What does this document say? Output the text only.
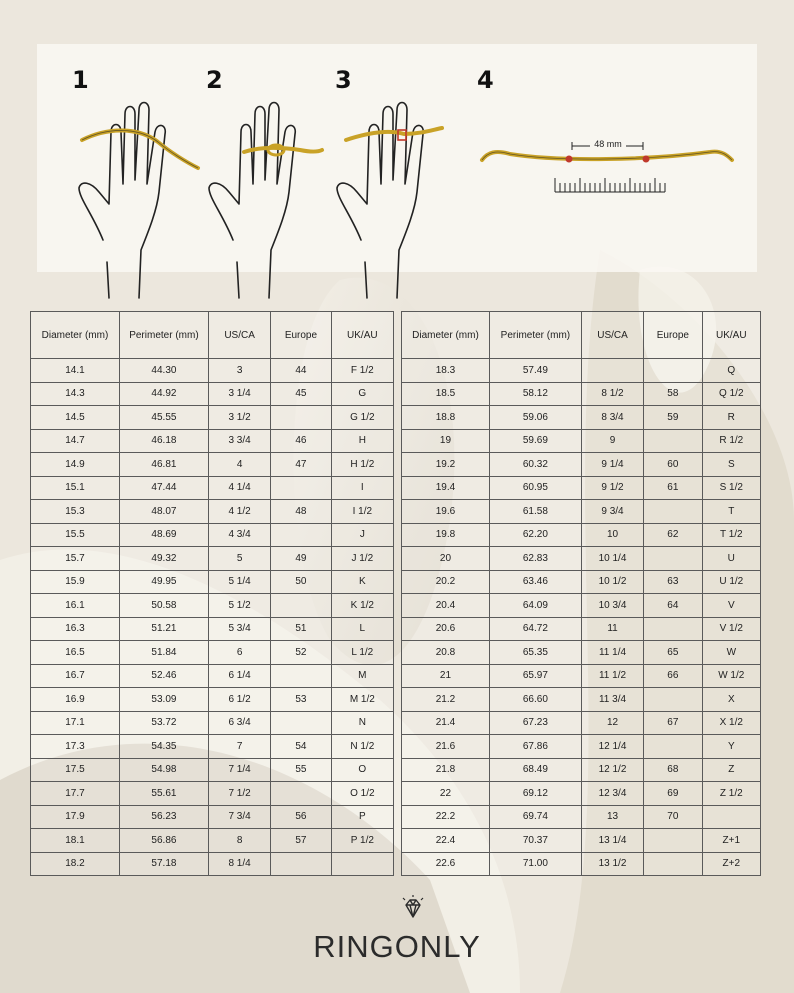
1	2	3	4
48 mm
Diameter (mm)	Perimeter (mm)	US/CA	Europe	UK/AU
14.1	44.30	3	44	F 1/2
14.3	44.92	3 1/4	45	G
14.5	45.55	3 1/2		G 1/2
14.7	46.18	3 3/4	46	H
14.9	46.81	4	47	H 1/2
15.1	47.44	4 1/4		I
15.3	48.07	4 1/2	48	I 1/2
15.5	48.69	4 3/4		J
15.7	49.32	5	49	J 1/2
15.9	49.95	5 1/4	50	K
16.1	50.58	5 1/2		K 1/2
16.3	51.21	5 3/4	51	L
16.5	51.84	6	52	L 1/2
16.7	52.46	6 1/4		M
16.9	53.09	6 1/2	53	M 1/2
17.1	53.72	6 3/4		N
17.3	54.35	7	54	N 1/2
17.5	54.98	7 1/4	55	O
17.7	55.61	7 1/2		O 1/2
17.9	56.23	7 3/4	56	P
18.1	56.86	8	57	P 1/2
18.2	57.18	8 1/4		
Diameter (mm)	Perimeter (mm)	US/CA	Europe	UK/AU
18.3	57.49			Q
18.5	58.12	8 1/2	58	Q 1/2
18.8	59.06	8 3/4	59	R
19	59.69	9		R 1/2
19.2	60.32	9 1/4	60	S
19.4	60.95	9 1/2	61	S 1/2
19.6	61.58	9 3/4		T
19.8	62.20	10	62	T 1/2
20	62.83	10 1/4		U
20.2	63.46	10 1/2	63	U 1/2
20.4	64.09	10 3/4	64	V
20.6	64.72	11		V 1/2
20.8	65.35	11 1/4	65	W
21	65.97	11 1/2	66	W 1/2
21.2	66.60	11 3/4		X
21.4	67.23	12	67	X 1/2
21.6	67.86	12 1/4		Y
21.8	68.49	12 1/2	68	Z
22	69.12	12 3/4	69	Z 1/2
22.2	69.74	13	70	
22.4	70.37	13 1/4		Z+1
22.6	71.00	13 1/2		Z+2
RINGONLY
